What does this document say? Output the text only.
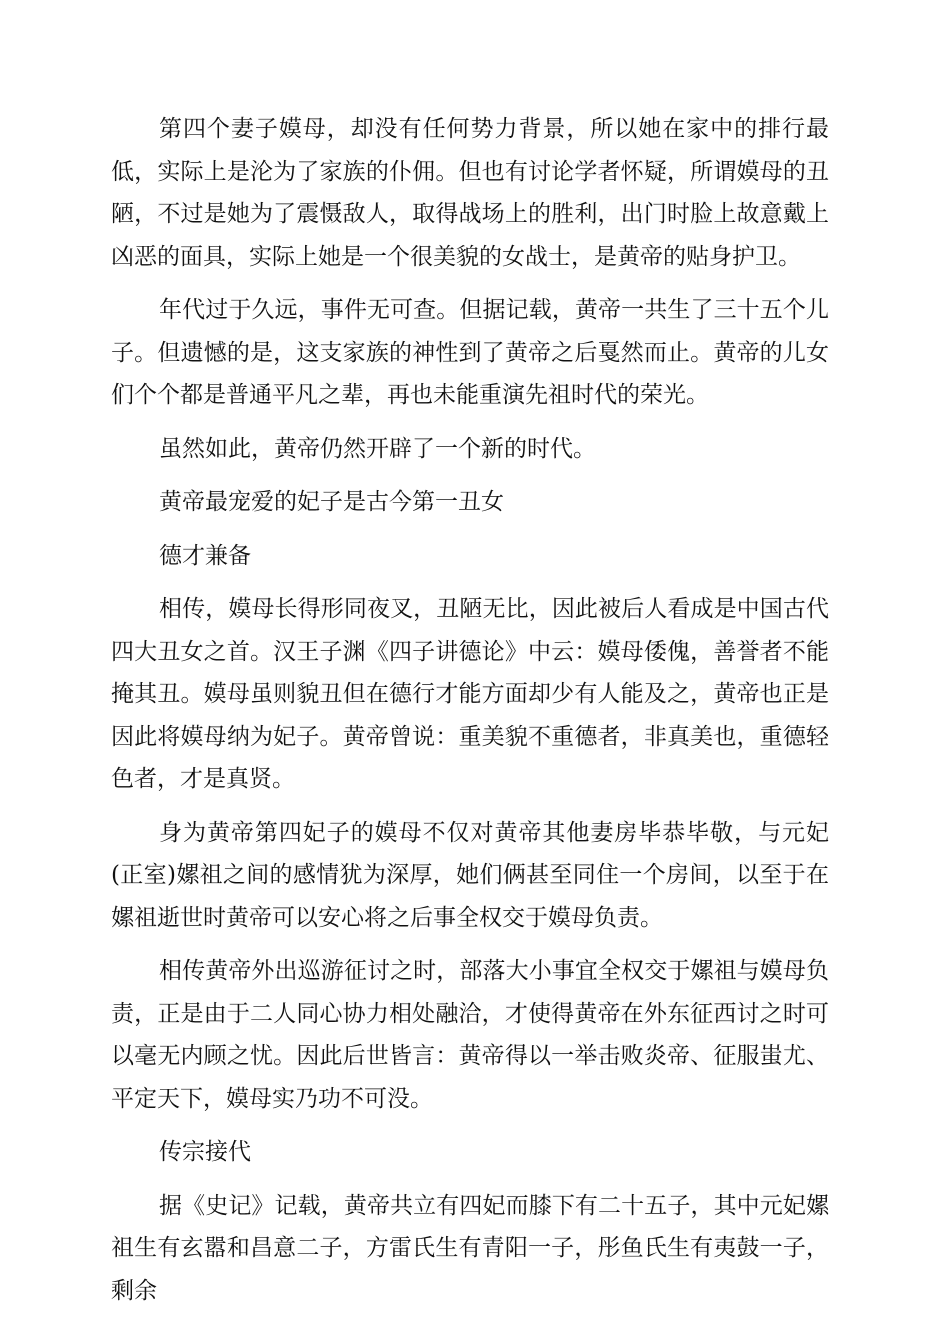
第四个妻子嫫母，却没有任何势力背景，所以她在家中的排行最低，实际上是沦为了家族的仆佣。但也有讨论学者怀疑，所谓嫫母的丑陋，不过是她为了震慑敌人，取得战场上的胜利，出门时脸上故意戴上凶恶的面具，实际上她是一个很美貌的女战士，是黄帝的贴身护卫。

年代过于久远，事件无可查。但据记载，黄帝一共生了三十五个儿子。但遗憾的是，这支家族的神性到了黄帝之后戛然而止。黄帝的儿女们个个都是普通平凡之辈，再也未能重演先祖时代的荣光。

虽然如此，黄帝仍然开辟了一个新的时代。

黄帝最宠爱的妃子是古今第一丑女

德才兼备

相传，嫫母长得形同夜叉，丑陋无比，因此被后人看成是中国古代四大丑女之首。汉王子渊《四子讲德论》中云：嫫母倭傀，善誉者不能掩其丑。嫫母虽则貌丑但在德行才能方面却少有人能及之，黄帝也正是因此将嫫母纳为妃子。黄帝曾说：重美貌不重德者，非真美也，重德轻色者，才是真贤。

身为黄帝第四妃子的嫫母不仅对黄帝其他妻房毕恭毕敬，与元妃(正室)嫘祖之间的感情犹为深厚，她们俩甚至同住一个房间，以至于在嫘祖逝世时黄帝可以安心将之后事全权交于嫫母负责。

相传黄帝外出巡游征讨之时，部落大小事宜全权交于嫘祖与嫫母负责，正是由于二人同心协力相处融洽，才使得黄帝在外东征西讨之时可以毫无内顾之忧。因此后世皆言：黄帝得以一举击败炎帝、征服蚩尤、平定天下，嫫母实乃功不可没。

传宗接代

据《史记》记载，黄帝共立有四妃而膝下有二十五子，其中元妃嫘祖生有玄嚣和昌意二子，方雷氏生有青阳一子，彤鱼氏生有夷鼓一子，剩余
